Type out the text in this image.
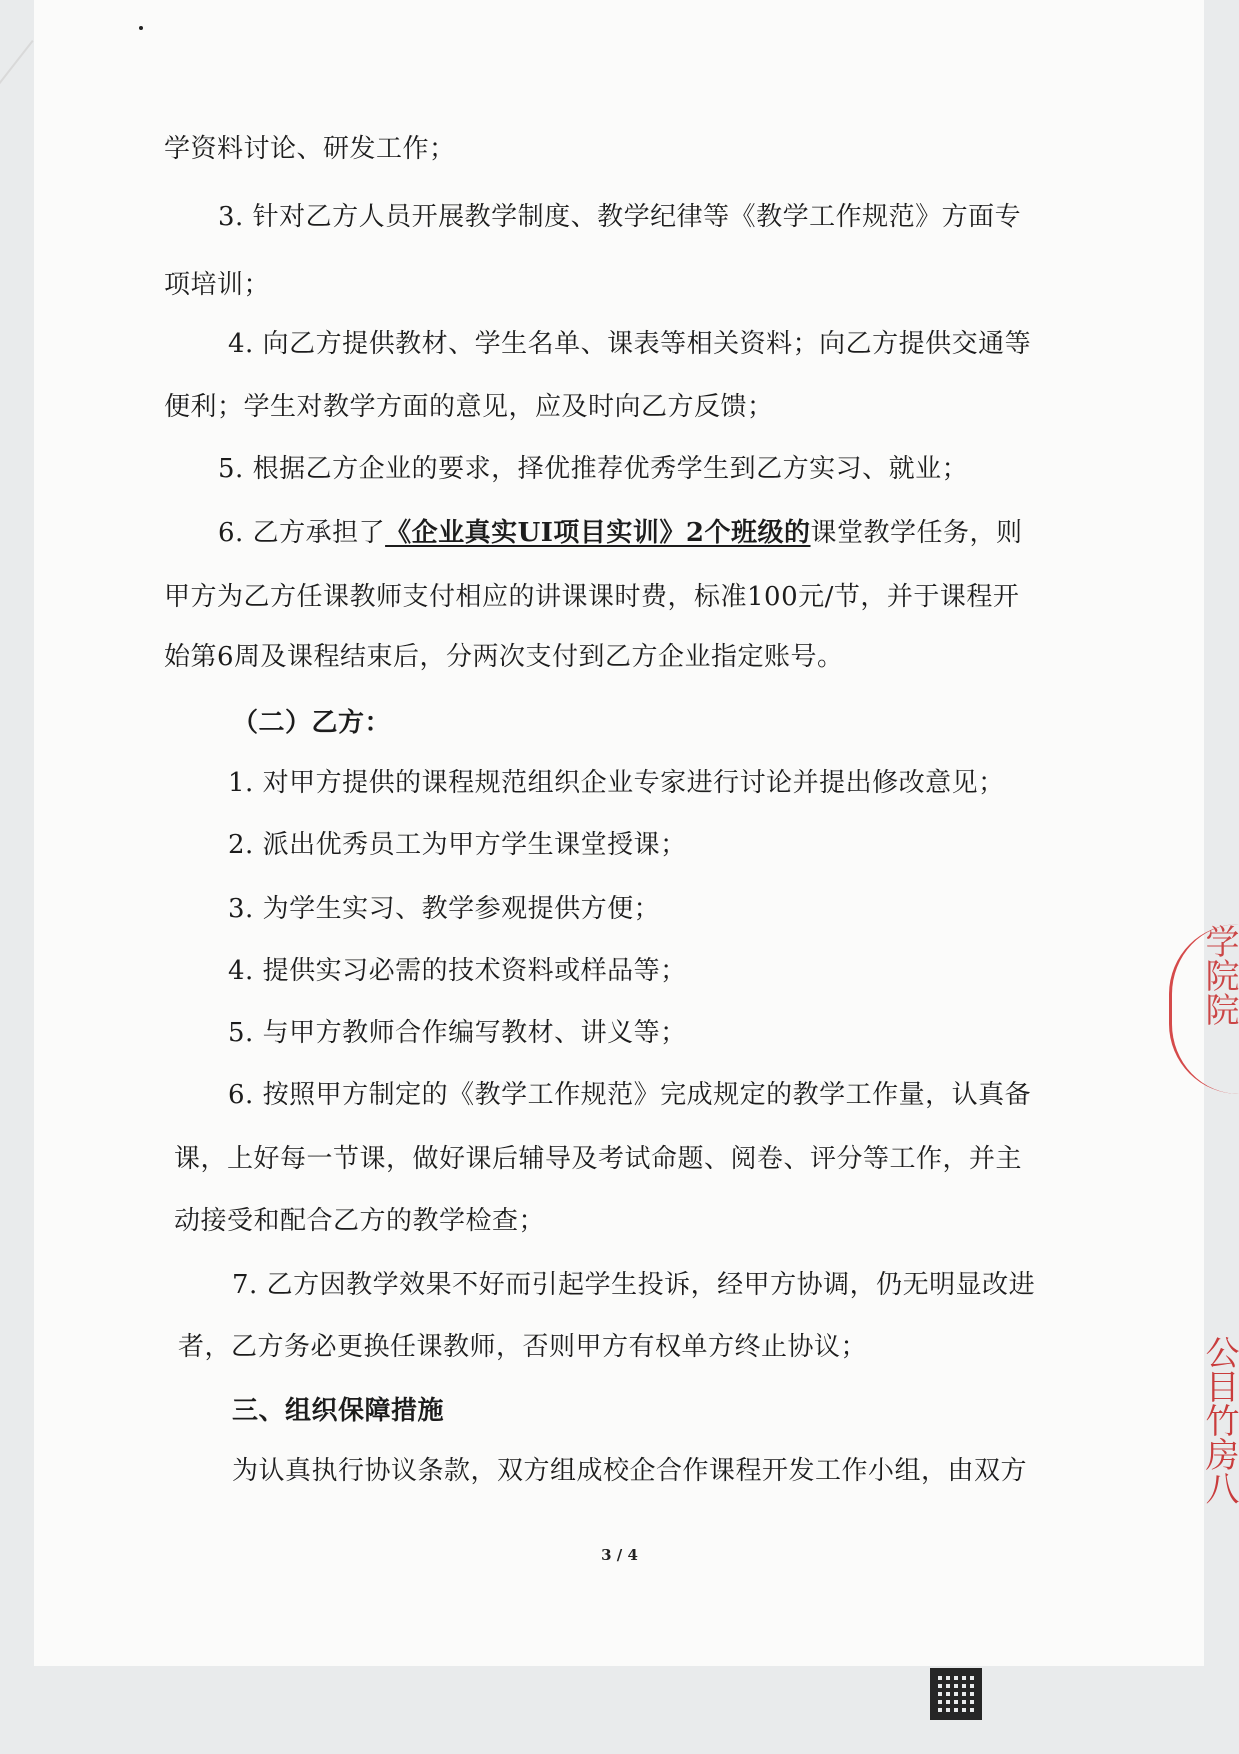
学资料讨论、研发工作；
3. 针对乙方人员开展教学制度、教学纪律等《教学工作规范》方面专
项培训；
4. 向乙方提供教材、学生名单、课表等相关资料；向乙方提供交通等
便利；学生对教学方面的意见，应及时向乙方反馈；
5. 根据乙方企业的要求，择优推荐优秀学生到乙方实习、就业；
6. 乙方承担了《企业真实UI项目实训》2个班级的课堂教学任务，则
甲方为乙方任课教师支付相应的讲课课时费，标准100元/节，并于课程开
始第6周及课程结束后，分两次支付到乙方企业指定账号。
（二）乙方：
1. 对甲方提供的课程规范组织企业专家进行讨论并提出修改意见；
2. 派出优秀员工为甲方学生课堂授课；
3. 为学生实习、教学参观提供方便；
4. 提供实习必需的技术资料或样品等；
5. 与甲方教师合作编写教材、讲义等；
6. 按照甲方制定的《教学工作规范》完成规定的教学工作量，认真备
课，上好每一节课，做好课后辅导及考试命题、阅卷、评分等工作，并主
动接受和配合乙方的教学检查；
7. 乙方因教学效果不好而引起学生投诉，经甲方协调，仍无明显改进
者，乙方务必更换任课教师，否则甲方有权单方终止协议；
三、组织保障措施
为认真执行协议条款，双方组成校企合作课程开发工作小组，由双方
3 / 4
学院院
公目竹房八
